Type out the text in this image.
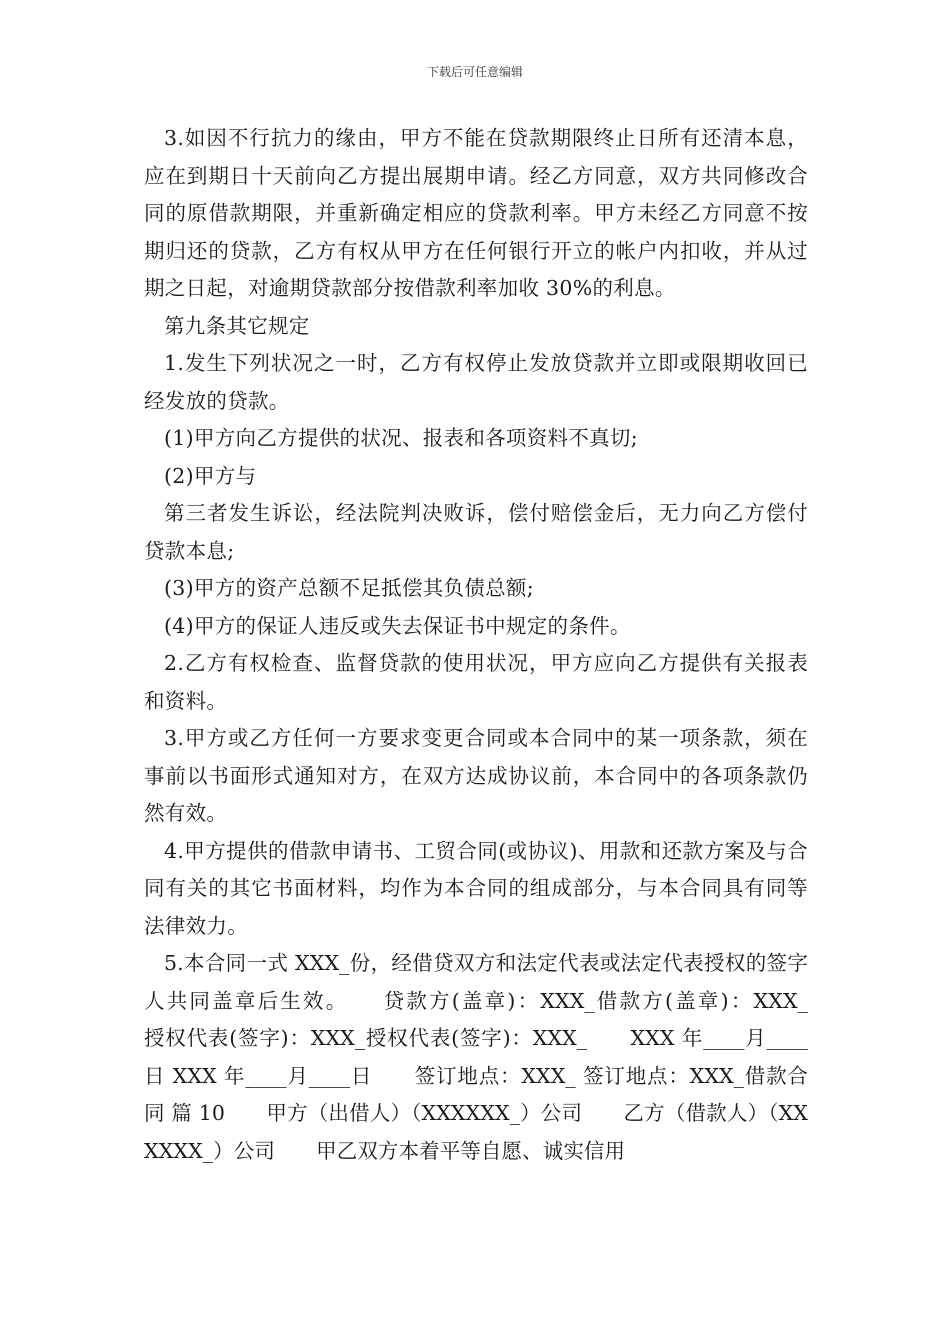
下载后可任意编辑

3.如因不行抗力的缘由，甲方不能在贷款期限终止日所有还清本息，应在到期日十天前向乙方提出展期申请。经乙方同意，双方共同修改合同的原借款期限，并重新确定相应的贷款利率。甲方未经乙方同意不按期归还的贷款，乙方有权从甲方在任何银行开立的帐户内扣收，并从过期之日起，对逾期贷款部分按借款利率加收 30%的利息。

第九条其它规定

1.发生下列状况之一时，乙方有权停止发放贷款并立即或限期收回已经发放的贷款。

(1)甲方向乙方提供的状况、报表和各项资料不真切;

(2)甲方与

第三者发生诉讼，经法院判决败诉，偿付赔偿金后，无力向乙方偿付贷款本息;

(3)甲方的资产总额不足抵偿其负债总额;

(4)甲方的保证人违反或失去保证书中规定的条件。

2.乙方有权检查、监督贷款的使用状况，甲方应向乙方提供有关报表和资料。

3.甲方或乙方任何一方要求变更合同或本合同中的某一项条款，须在事前以书面形式通知对方，在双方达成协议前，本合同中的各项条款仍然有效。

4.甲方提供的借款申请书、工贸合同(或协议)、用款和还款方案及与合同有关的其它书面材料，均作为本合同的组成部分，与本合同具有同等法律效力。

5.本合同一式 XXX_份，经借贷双方和法定代表或法定代表授权的签字人共同盖章后生效。　　贷款方(盖章)：XXX_借款方(盖章)：XXX_　　授权代表(签字)：XXX_授权代表(签字)：XXX_　　XXX 年____月____日 XXX 年____月____日　　签订地点：XXX_ 签订地点：XXX_借款合同 篇 10　　甲方（出借人）（XXXXXX_）公司　　乙方（借款人）（XXXXXX_）公司　　甲乙双方本着平等自愿、诚实信用
